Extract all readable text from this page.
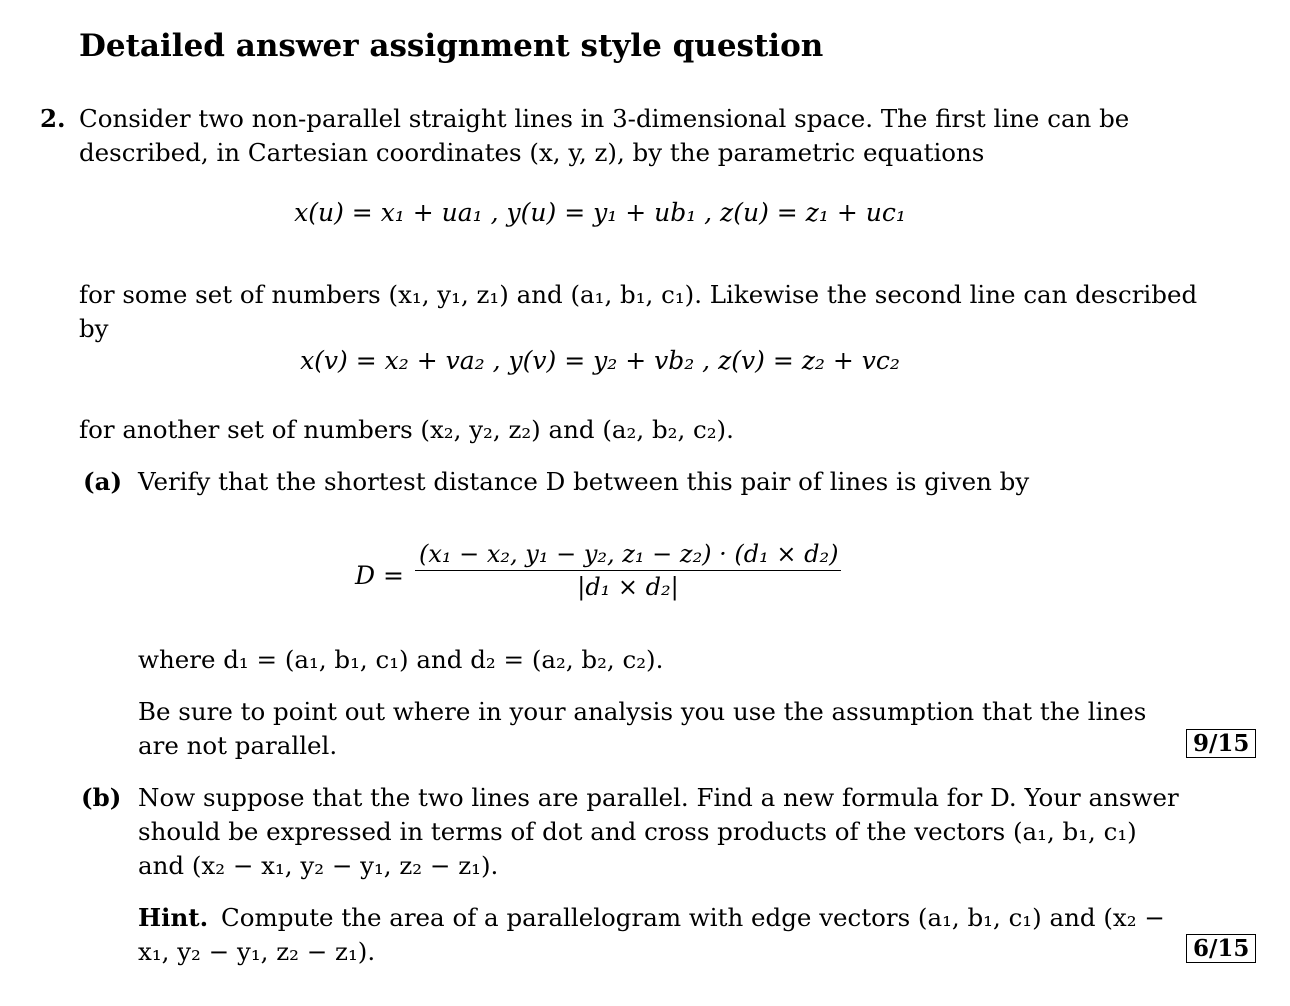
Detailed answer assignment style question
2. Consider two non-parallel straight lines in 3-dimensional space. The first line can be
described, in Cartesian coordinates (x, y, z), by the parametric equations
x(u) = x₁ + ua₁ , y(u) = y₁ + ub₁ , z(u) = z₁ + uc₁
for some set of numbers (x₁, y₁, z₁) and (a₁, b₁, c₁). Likewise the second line can described
by
x(v) = x₂ + va₂ , y(v) = y₂ + vb₂ , z(v) = z₂ + vc₂
for another set of numbers (x₂, y₂, z₂) and (a₂, b₂, c₂).
(a) Verify that the shortest distance D between this pair of lines is given by
$D = \frac{\text{(x₁ − x₂, y₁ − y₂, z₁ − z₂) · (d₁ × d₂)}}{\text{|d₁ × d₂|}}$
where d₁ = (a₁, b₁, c₁) and d₂ = (a₂, b₂, c₂).
Be sure to point out where in your analysis you use the assumption that the lines
are not parallel.	9/15
(b) Now suppose that the two lines are parallel. Find a new formula for D. Your answer
should be expressed in terms of dot and cross products of the vectors (a₁, b₁, c₁)
and (x₂ − x₁, y₂ − y₁, z₂ − z₁).
Hint. Compute the area of a parallelogram with edge vectors (a₁, b₁, c₁) and (x₂ −
x₁, y₂ − y₁, z₂ − z₁).	6/15
